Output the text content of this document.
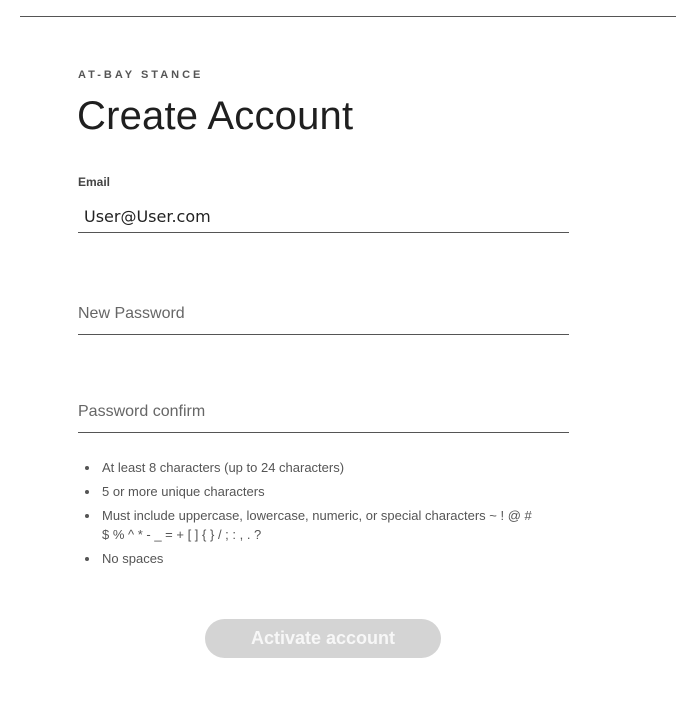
AT-BAY STANCE
Create Account
Email
User@User.com
At least 8 characters (up to 24 characters)
5 or more unique characters
Must include uppercase, lowercase, numeric, or special characters ~ ! @ # $ % ^ * - _ = + [ ] { } / ; : , . ?
No spaces
Activate account
